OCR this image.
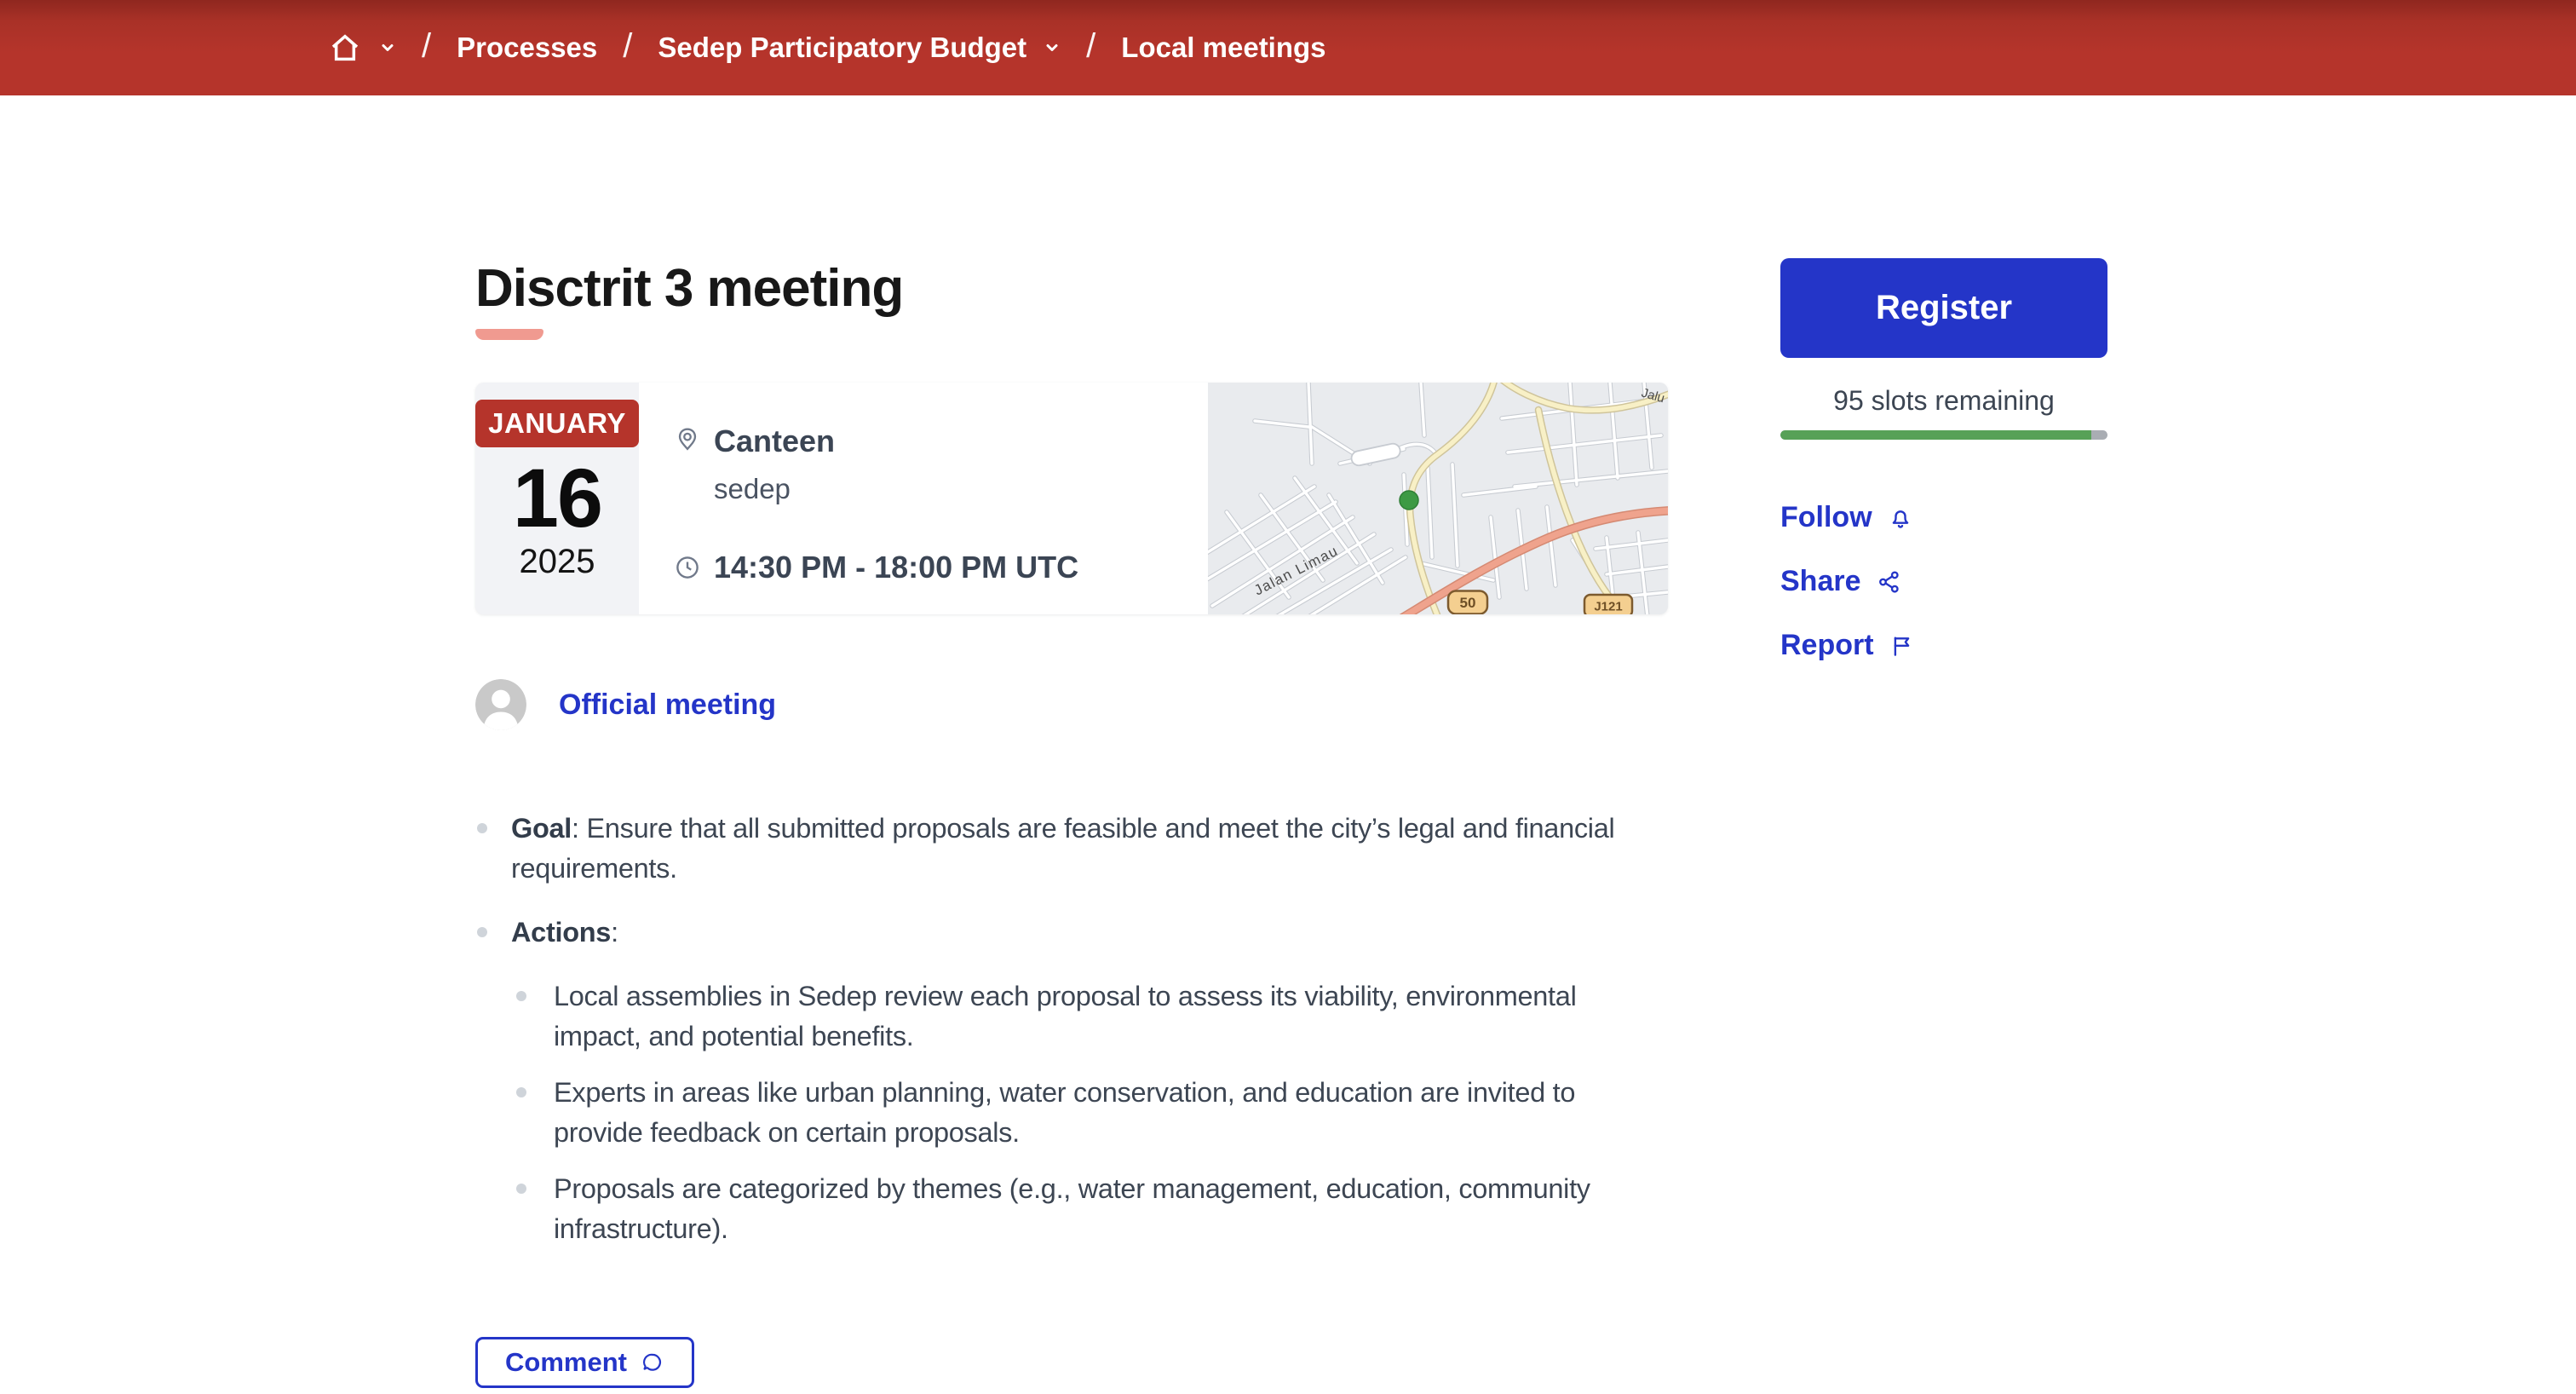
/ Processes / Sedep Participatory Budget / Local meetings
Disctrit 3 meeting
JANUARY
16
2025
Canteen
sedep
14:30 PM - 18:00 PM UTC	Jalan Limau
Jalu
50	J121
Official meeting
Goal: Ensure that all submitted proposals are feasible and meet the city’s legal and financial requirements.
Actions:
Local assemblies in Sedep review each proposal to assess its viability, environmental impact, and potential benefits.
Experts in areas like urban planning, water conservation, and education are invited to provide feedback on certain proposals.
Proposals are categorized by themes (e.g., water management, education, community infrastructure).
Comment
Register
95 slots remaining
Follow
Share
Report
